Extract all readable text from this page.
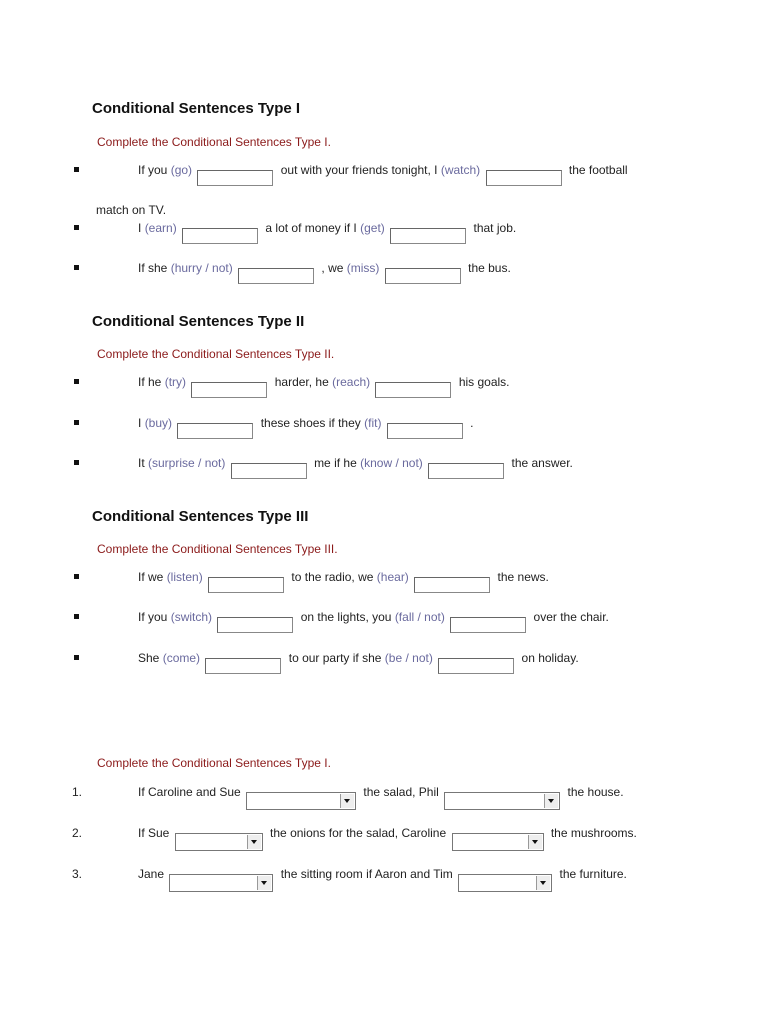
Conditional Sentences Type I
Complete the Conditional Sentences Type I.
If you (go)	out with your friends tonight, I (watch)	the football
match on TV.
I (earn)	a lot of money if I (get)	that job.
If she (hurry / not)	, we (miss)	the bus.
Conditional Sentences Type II
Complete the Conditional Sentences Type II.
If he (try)	harder, he (reach)	his goals.
I (buy)	these shoes if they (fit)	.
It (surprise / not)	me if he (know / not)	the answer.
Conditional Sentences Type III
Complete the Conditional Sentences Type III.
If we (listen)	to the radio, we (hear)	the news.
If you (switch)	on the lights, you (fall / not)	over the chair.
She (come)	to our party if she (be / not)	on holiday.
Complete the Conditional Sentences Type I.
1.	If Caroline and Sue	the salad, Phil	the house.
2.	If Sue	the onions for the salad, Caroline	the mushrooms.
3.	Jane	the sitting room if Aaron and Tim	the furniture.
